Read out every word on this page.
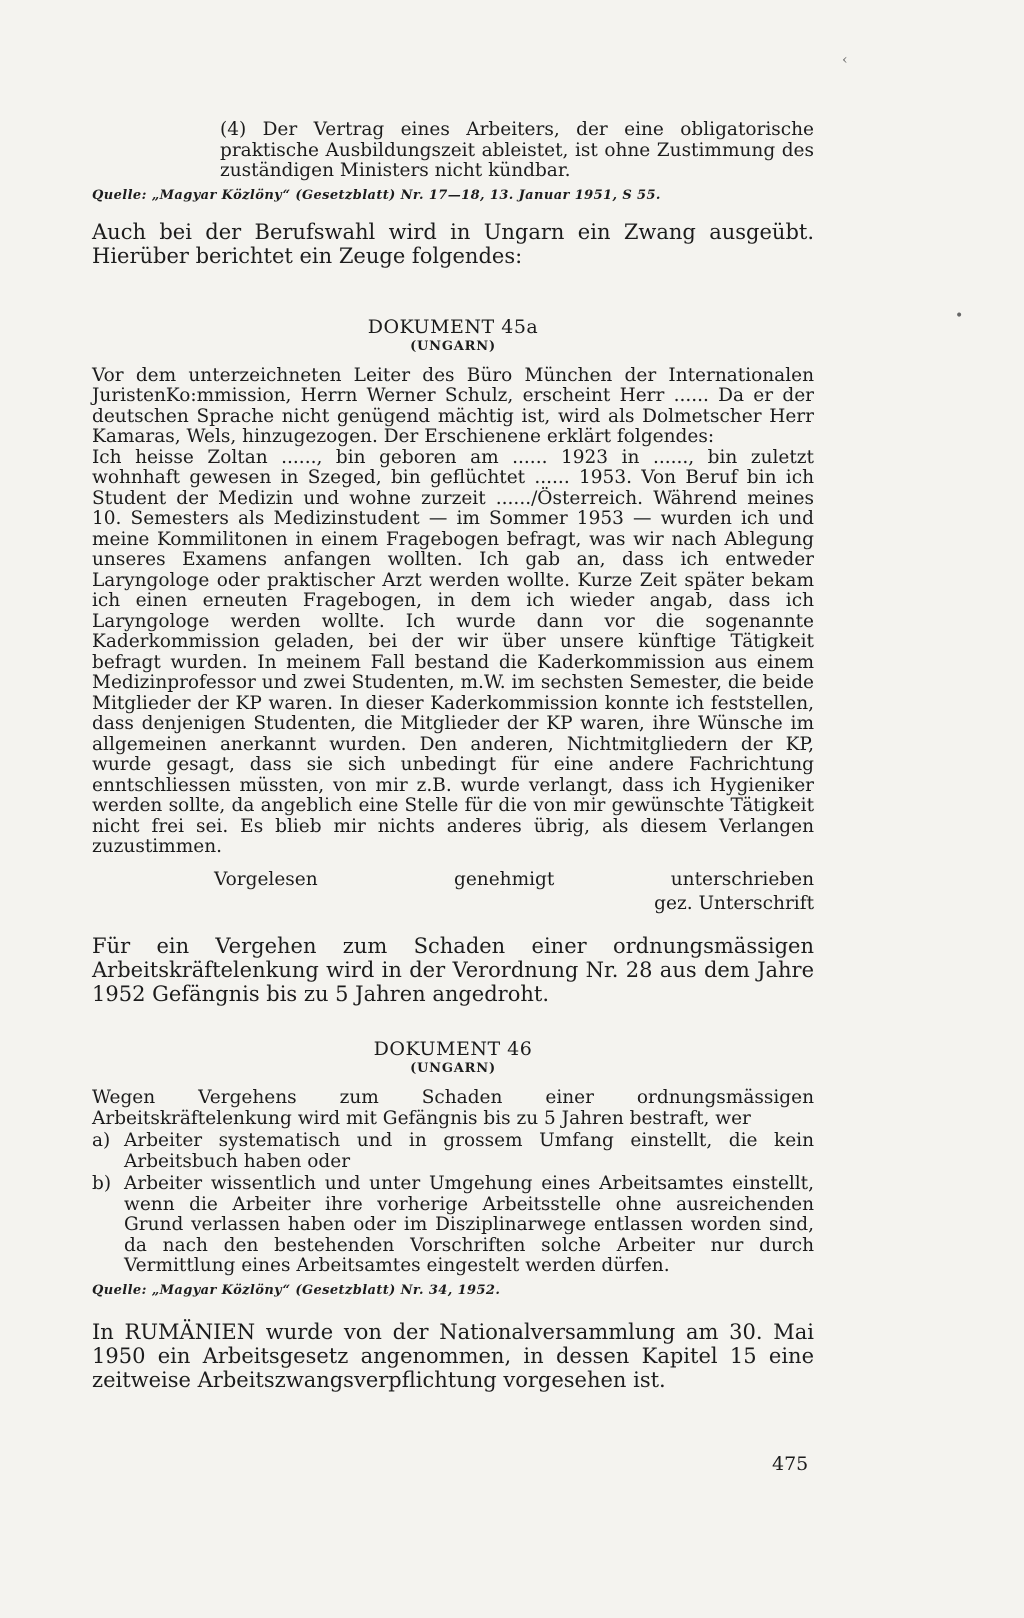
‹
•

(4) Der Vertrag eines Arbeiters, der eine obligatorische praktische Ausbildungszeit ableistet, ist ohne Zustimmung des zuständigen Ministers nicht kündbar.

Quelle: „Magyar Közlöny“ (Gesetzblatt) Nr. 17—18, 13. Januar 1951, S 55.

Auch bei der Berufswahl wird in Ungarn ein Zwang ausgeübt. Hierüber berichtet ein Zeuge folgendes:

DOKUMENT 45a
(UNGARN)

Vor dem unterzeichneten Leiter des Büro München der Internationalen JuristenKo:mmission, Herrn Werner Schulz, erscheint Herr ...... Da er der deutschen Sprache nicht genügend mächtig ist, wird als Dolmetscher Herr Kamaras, Wels, hinzugezogen. Der Erschienene erklärt folgendes:

Ich heisse Zoltan ......, bin geboren am ...... 1923 in ......, bin zuletzt wohnhaft gewesen in Szeged, bin geflüchtet ...... 1953. Von Beruf bin ich Student der Medizin und wohne zurzeit ....../Österreich. Während meines 10. Semesters als Medizinstudent — im Sommer 1953 — wurden ich und meine Kommilitonen in einem Fragebogen befragt, was wir nach Ablegung unseres Examens anfangen wollten. Ich gab an, dass ich entweder Laryngologe oder praktischer Arzt werden wollte. Kurze Zeit später bekam ich einen erneuten Fragebogen, in dem ich wieder angab, dass ich Laryngologe werden wollte. Ich wurde dann vor die sogenannte Kaderkommission geladen, bei der wir über unsere künftige Tätigkeit befragt wurden. In meinem Fall bestand die Kaderkommission aus einem Medizinprofessor und zwei Studenten, m.W. im sechsten Semester, die beide Mitglieder der KP waren. In dieser Kaderkommission konnte ich feststellen, dass denjenigen Studenten, die Mitglieder der KP waren, ihre Wünsche im allgemeinen anerkannt wurden. Den anderen, Nichtmitgliedern der KP, wurde gesagt, dass sie sich unbedingt für eine andere Fachrichtung enntschliessen müssten, von mir z.B. wurde verlangt, dass ich Hygieniker werden sollte, da angeblich eine Stelle für die von mir gewünschte Tätigkeit nicht frei sei. Es blieb mir nichts anderes übrig, als diesem Verlangen zuzustimmen.

Vorgelesen	genehmigt	unterschrieben

gez. Unterschrift

Für ein Vergehen zum Schaden einer ordnungsmässigen Arbeitskräftelenkung wird in der Verordnung Nr. 28 aus dem Jahre 1952 Gefängnis bis zu 5 Jahren angedroht.

DOKUMENT 46
(UNGARN)

Wegen Vergehens zum Schaden einer ordnungsmässigen Arbeitskräftelenkung wird mit Gefängnis bis zu 5 Jahren bestraft, wer

a) Arbeiter systematisch und in grossem Umfang einstellt, die kein Arbeitsbuch haben oder
b) Arbeiter wissentlich und unter Umgehung eines Arbeitsamtes einstellt, wenn die Arbeiter ihre vorherige Arbeitsstelle ohne ausreichenden Grund verlassen haben oder im Disziplinarwege entlassen worden sind, da nach den bestehenden Vorschriften solche Arbeiter nur durch Vermittlung eines Arbeitsamtes eingestelt werden dürfen.

Quelle: „Magyar Közlöny“ (Gesetzblatt) Nr. 34, 1952.

In RUMÄNIEN wurde von der Nationalversammlung am 30. Mai 1950 ein Arbeitsgesetz angenommen, in dessen Kapitel 15 eine zeitweise Arbeitszwangsverpflichtung vorgesehen ist.

475
